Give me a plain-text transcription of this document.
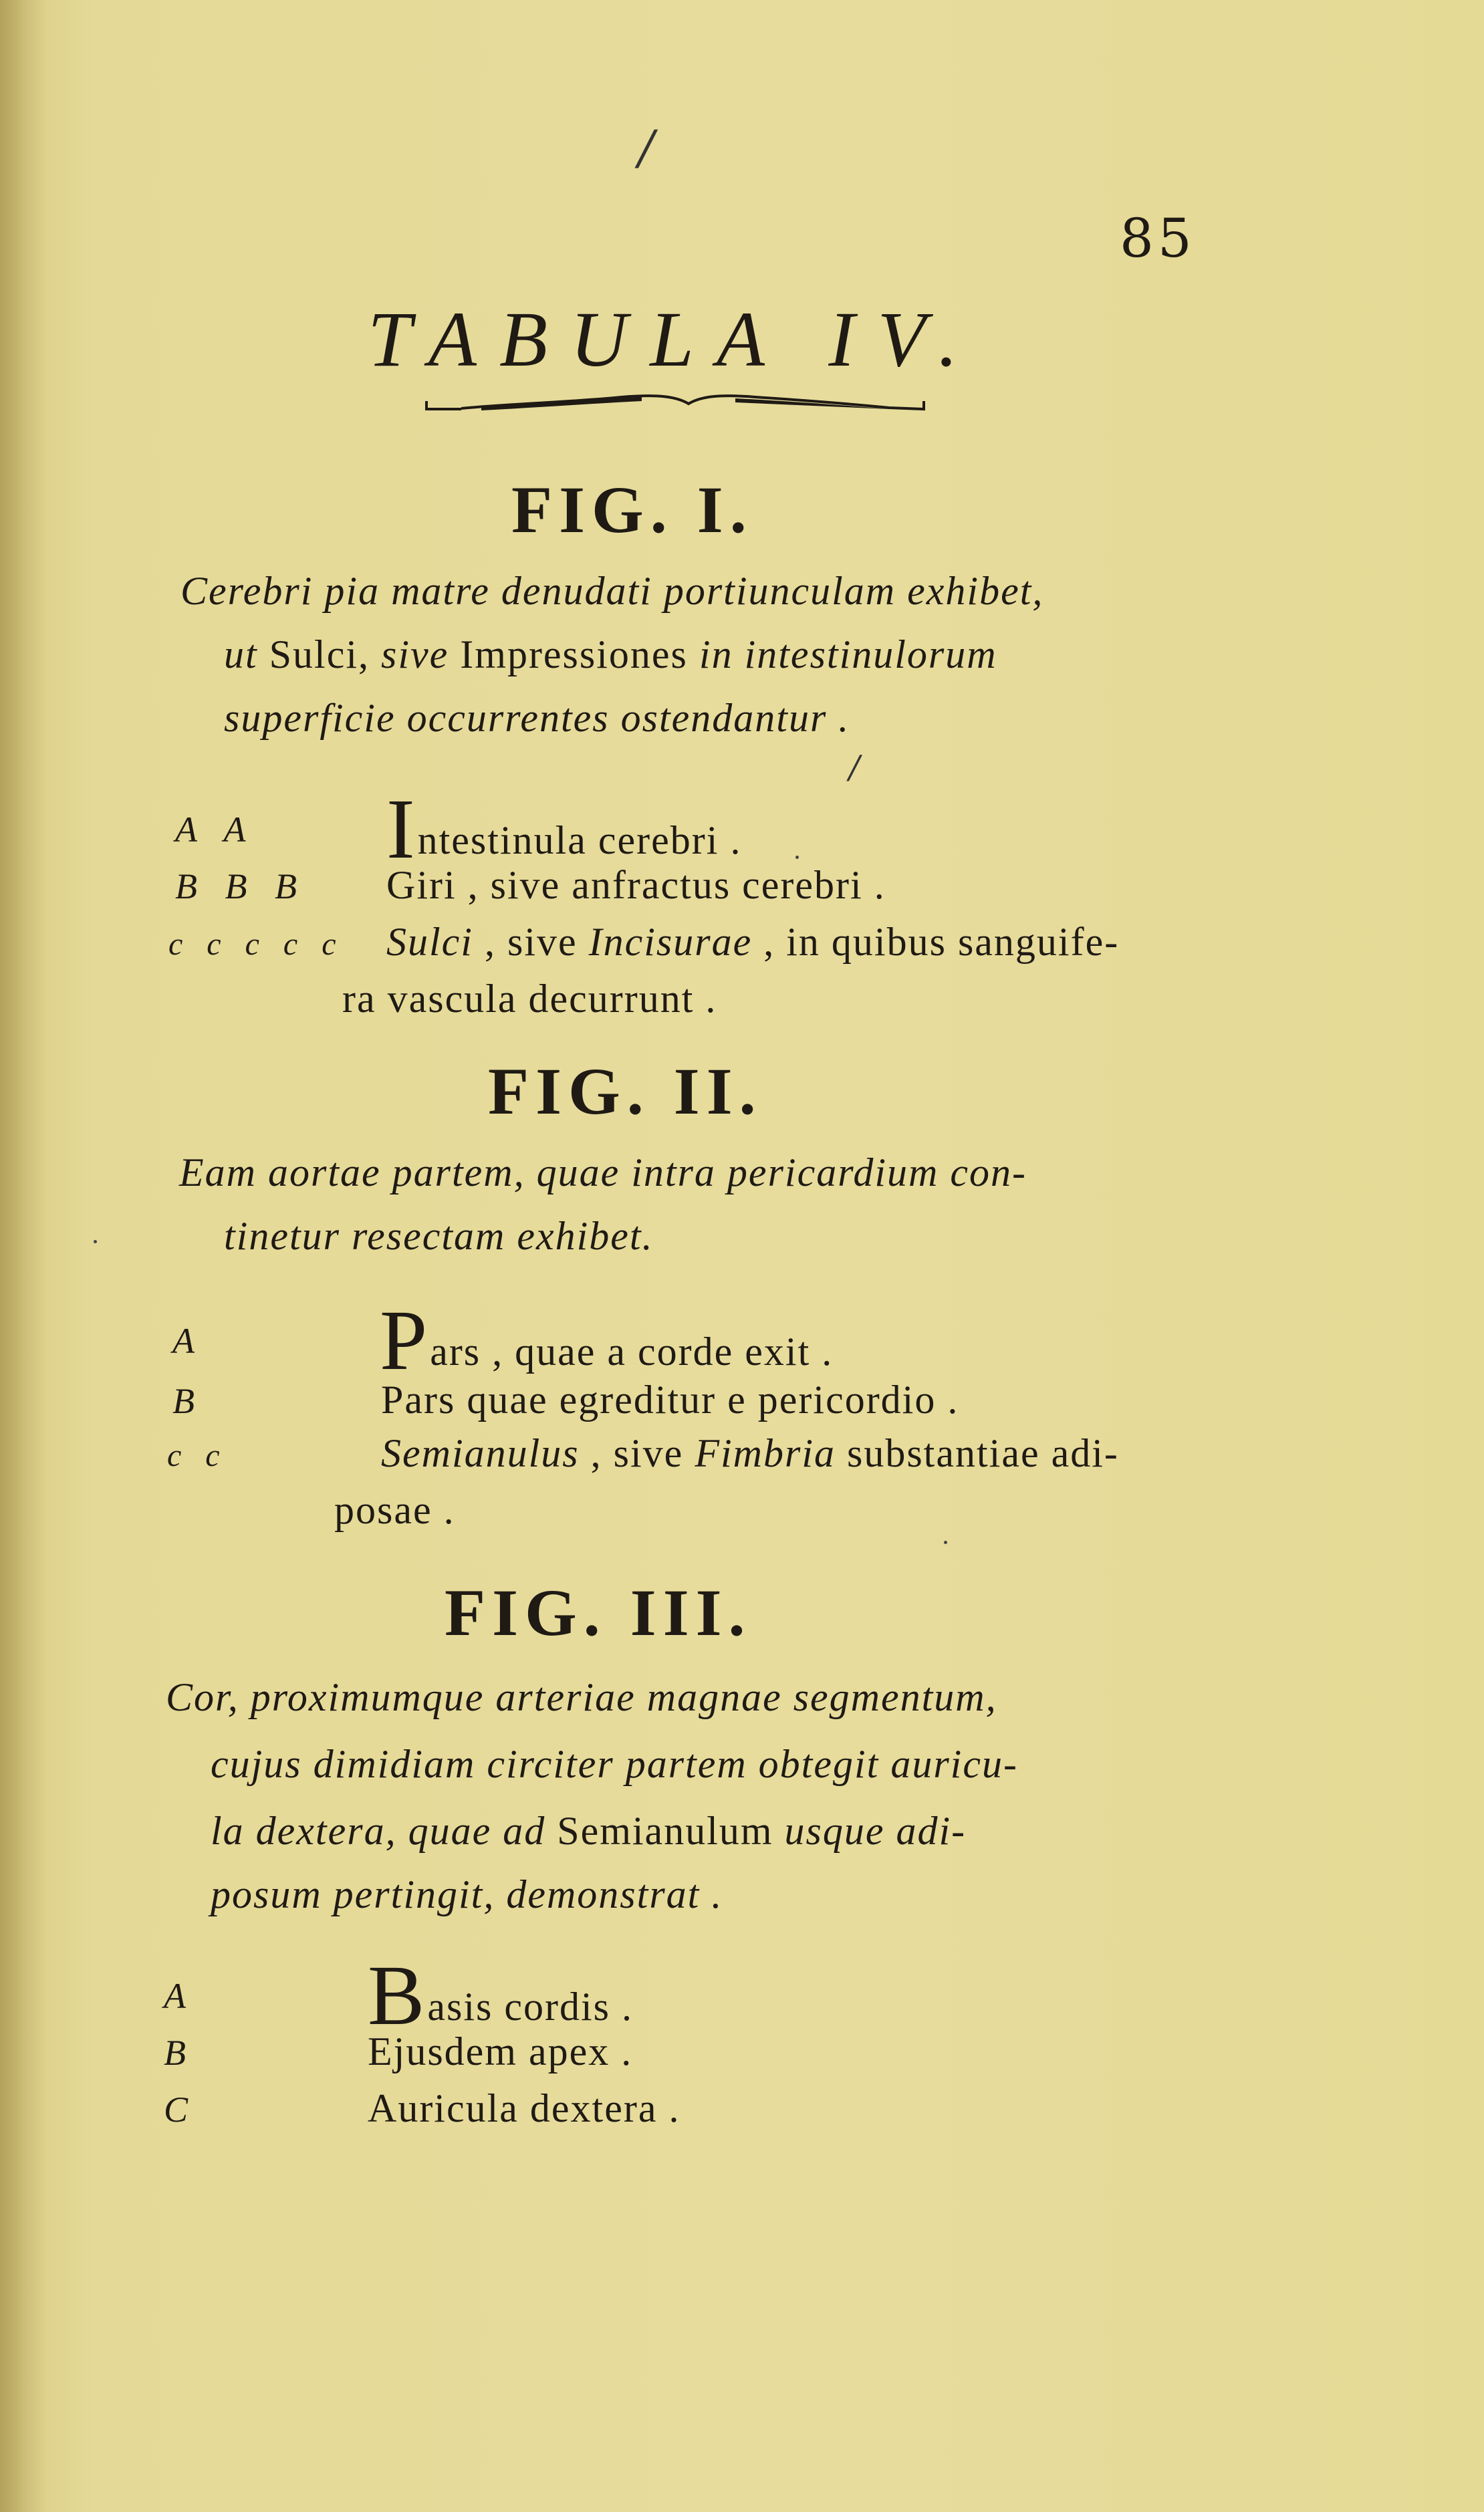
/
85
TABULA IV.
FIG. I.
Cerebri pia matre denudati portiunculam exhibet,
ut Sulci, sive Impressiones in intestinulorum
superficie occurrentes ostendantur .
/
A A Intestinula cerebri .
B B B Giri , sive anfractus cerebri .
c c c c c Sulci , sive Incisurae , in quibus sanguife-
ra vascula decurrunt .
FIG. II.
Eam aortae partem, quae intra pericardium con-
tinetur resectam exhibet.
A Pars , quae a corde exit .
B	Pars quae egreditur e pericordio .
c c	Semianulus , sive Fimbria substantiae adi-
posae .
FIG. III.
Cor, proximumque arteriae magnae segmentum,
cujus dimidiam circiter partem obtegit auricu-
la dextera, quae ad Semianulum usque adi-
posum pertingit, demonstrat .
A Basis cordis .
B	Ejusdem apex .
C	Auricula dextera .
